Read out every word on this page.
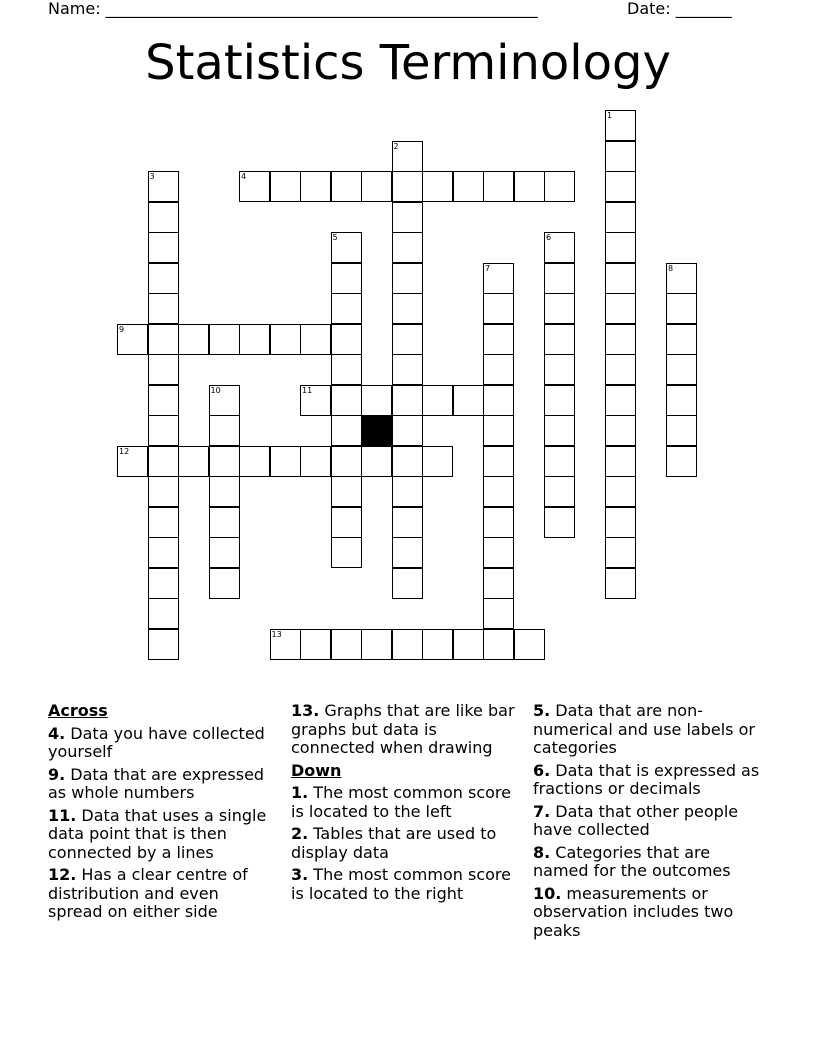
Name: ______________________________________________________	Date: _______
Statistics Terminology
1
2
3	4
5	6
7	8
9
10	11
12
13
Across
4. Data you have collected yourself
9. Data that are expressed as whole numbers
11. Data that uses a single data point that is then connected by a lines
12. Has a clear centre of distribution and even spread on either side
13. Graphs that are like bar graphs but data is connected when drawing
Down
1. The most common score is located to the left
2. Tables that are used to display data
3. The most common score is located to the right
5. Data that are non-numerical and use labels or categories
6. Data that is expressed as fractions or decimals
7. Data that other people have collected
8. Categories that are named for the outcomes
10. measurements or observation includes two peaks
